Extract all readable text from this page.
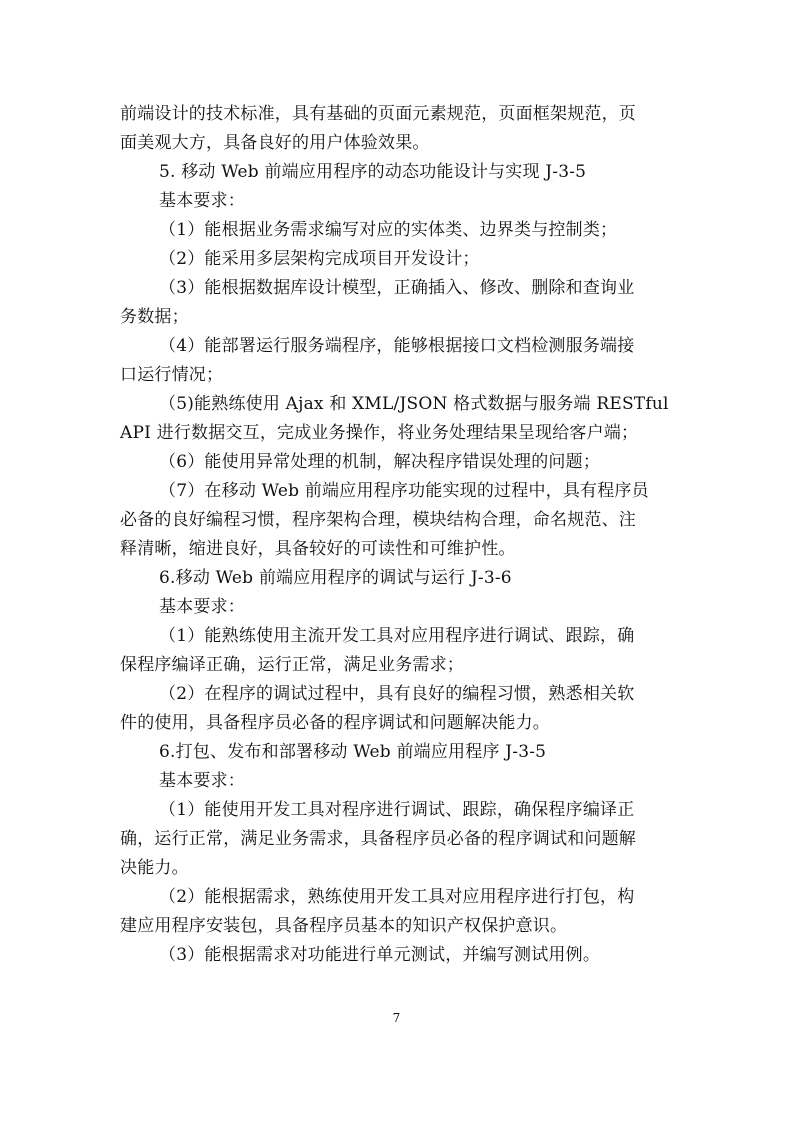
前端设计的技术标准，具有基础的页面元素规范，页面框架规范，页
面美观大方，具备良好的用户体验效果。
5. 移动 Web 前端应用程序的动态功能设计与实现 J-3-5
基本要求：
（1）能根据业务需求编写对应的实体类、边界类与控制类；
（2）能采用多层架构完成项目开发设计；
（3）能根据数据库设计模型，正确插入、修改、删除和查询业
务数据；
（4）能部署运行服务端程序，能够根据接口文档检测服务端接
口运行情况；
（5)能熟练使用 Ajax 和 XML/JSON 格式数据与服务端 RESTful
API 进行数据交互，完成业务操作，将业务处理结果呈现给客户端；
（6）能使用异常处理的机制，解决程序错误处理的问题；
（7）在移动 Web 前端应用程序功能实现的过程中，具有程序员
必备的良好编程习惯，程序架构合理，模块结构合理，命名规范、注
释清晰，缩进良好，具备较好的可读性和可维护性。
6.移动 Web 前端应用程序的调试与运行 J-3-6
基本要求：
（1）能熟练使用主流开发工具对应用程序进行调试、跟踪，确
保程序编译正确，运行正常，满足业务需求；
（2）在程序的调试过程中，具有良好的编程习惯，熟悉相关软
件的使用，具备程序员必备的程序调试和问题解决能力。
6.打包、发布和部署移动 Web 前端应用程序 J-3-5
基本要求：
（1）能使用开发工具对程序进行调试、跟踪，确保程序编译正
确，运行正常，满足业务需求，具备程序员必备的程序调试和问题解
决能力。
（2）能根据需求，熟练使用开发工具对应用程序进行打包，构
建应用程序安装包，具备程序员基本的知识产权保护意识。
（3）能根据需求对功能进行单元测试，并编写测试用例。
7
